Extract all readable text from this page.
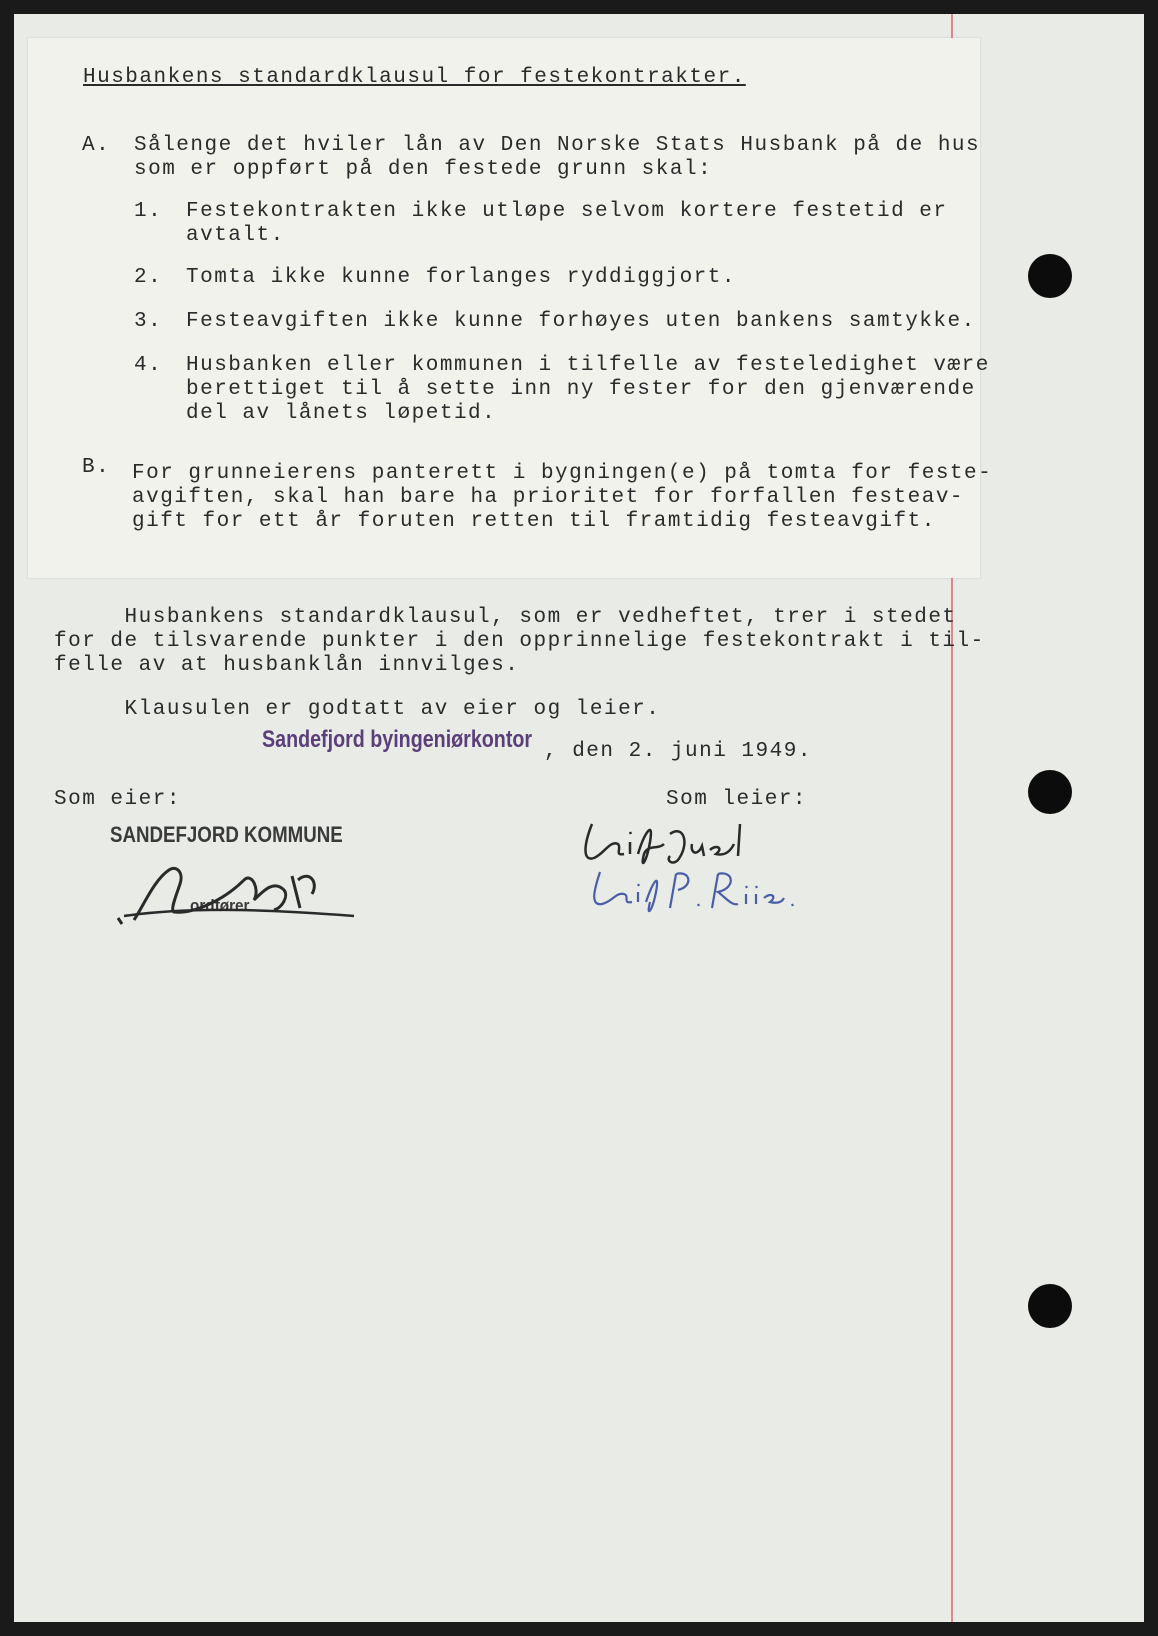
Husbankens standardklausul for festekontrakter.
A. Sålenge det hviler lån av Den Norske Stats Husbank på de hus
som er oppført på den festede grunn skal:
1. Festekontrakten ikke utløpe selvom kortere festetid er
avtalt.
2. Tomta ikke kunne forlanges ryddiggjort.
3. Festeavgiften ikke kunne forhøyes uten bankens samtykke.
4. Husbanken eller kommunen i tilfelle av festeledighet være
berettiget til å sette inn ny fester for den gjenværende
del av lånets løpetid.
B. For grunneierens panterett i bygningen(e) på tomta for feste-
avgiften, skal han bare ha prioritet for forfallen festeav-
gift for ett år foruten retten til framtidig festeavgift.
Husbankens standardklausul, som er vedheftet, trer i stedet
for de tilsvarende punkter i den opprinnelige festekontrakt i til-
felle av at husbanklån innvilges.
Klausulen er godtatt av eier og leier.
Sandefjord byingeniørkontor , den 2. juni 1949.
Som eier:	Som leier:
SANDEFJORD KOMMUNE
ordfører
